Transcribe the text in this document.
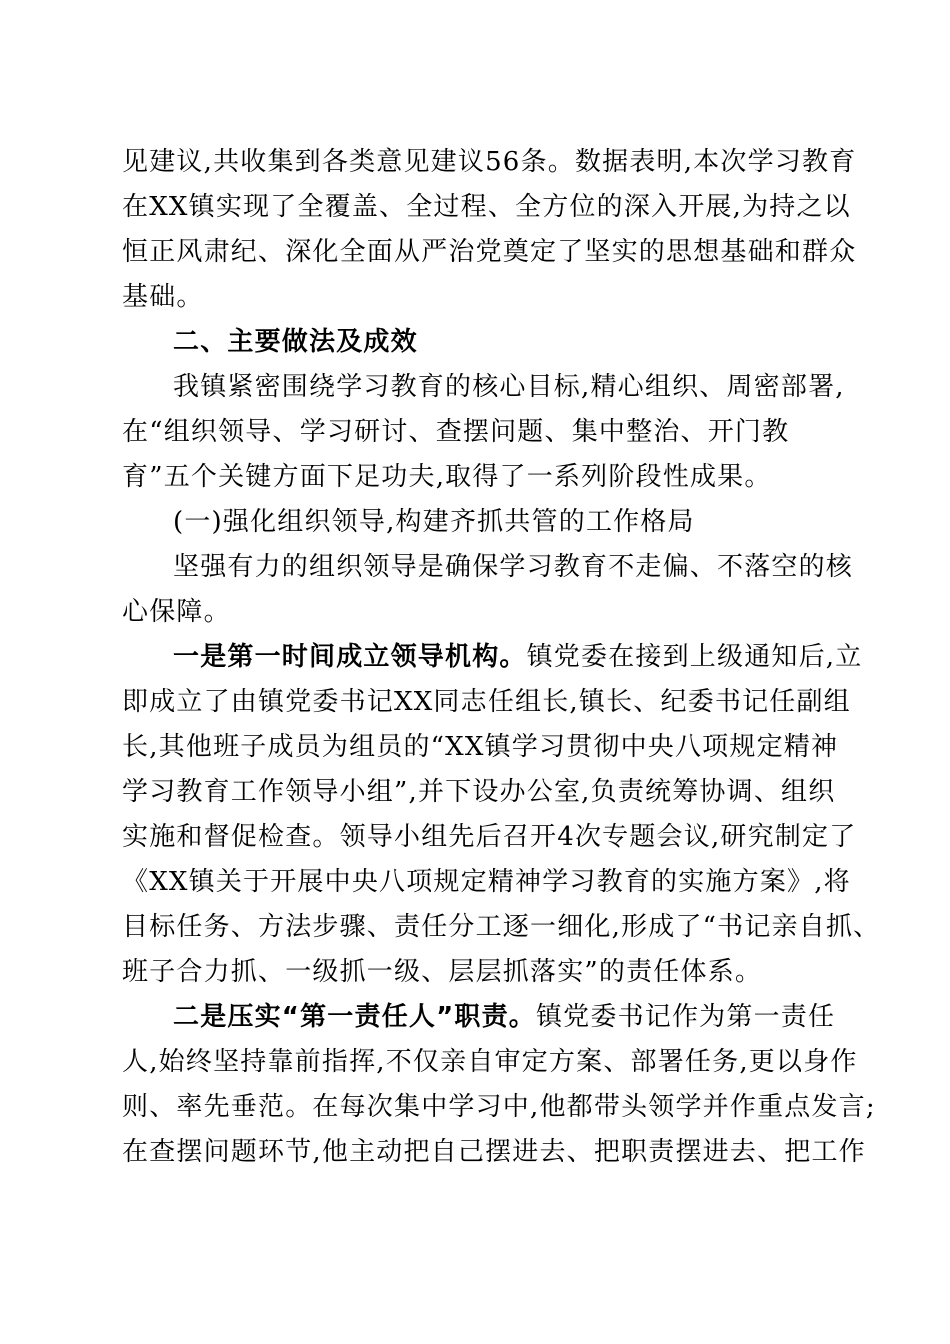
见建议,共收集到各类意见建议56条。数据表明,本次学习教育
在XX镇实现了全覆盖、全过程、全方位的深入开展,为持之以
恒正风肃纪、深化全面从严治党奠定了坚实的思想基础和群众
基础。
二、主要做法及成效
我镇紧密围绕学习教育的核心目标,精心组织、周密部署,
在“组织领导、学习研讨、查摆问题、集中整治、开门教
育”五个关键方面下足功夫,取得了一系列阶段性成果。
(一)强化组织领导,构建齐抓共管的工作格局
坚强有力的组织领导是确保学习教育不走偏、不落空的核
心保障。
一是第一时间成立领导机构。镇党委在接到上级通知后,立
即成立了由镇党委书记XX同志任组长,镇长、纪委书记任副组
长,其他班子成员为组员的“XX镇学习贯彻中央八项规定精神
学习教育工作领导小组”,并下设办公室,负责统筹协调、组织
实施和督促检查。领导小组先后召开4次专题会议,研究制定了
《XX镇关于开展中央八项规定精神学习教育的实施方案》,将
目标任务、方法步骤、责任分工逐一细化,形成了“书记亲自抓、
班子合力抓、一级抓一级、层层抓落实”的责任体系。
二是压实“第一责任人”职责。镇党委书记作为第一责任
人,始终坚持靠前指挥,不仅亲自审定方案、部署任务,更以身作
则、率先垂范。在每次集中学习中,他都带头领学并作重点发言;
在查摆问题环节,他主动把自己摆进去、把职责摆进去、把工作
